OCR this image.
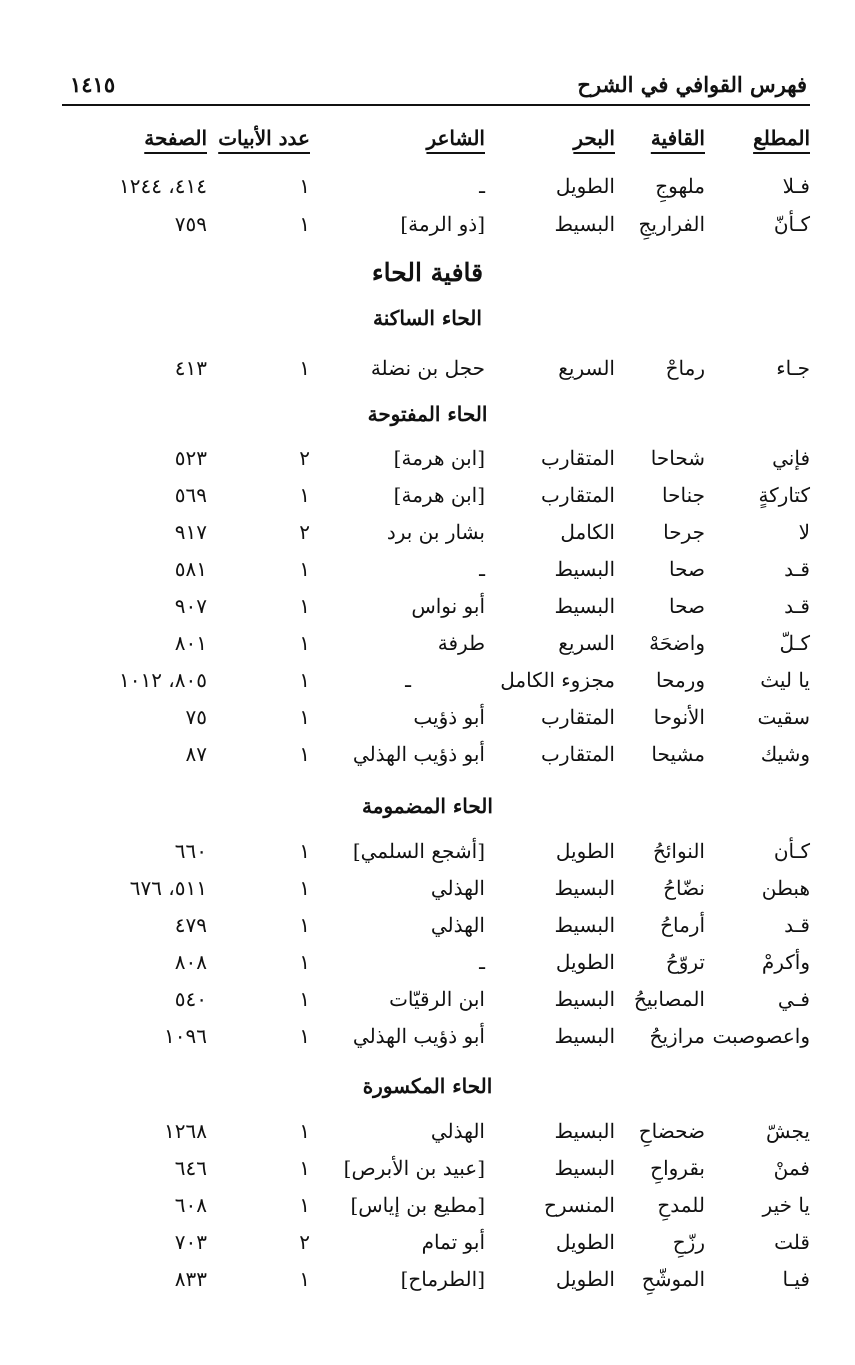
فهرس القوافي في الشرح
١٤١٥
المطلع
القافية
البحر
الشاعر
عدد الأبيات
الصفحة
فـلا
ملهوجِ
الطويل
ـ
١
٤١٤، ١٢٤٤
كـأنّ
الفراريجِ
البسيط
[ذو الرمة]
١
٧٥٩
قافية الحاء
الحاء الساكنة
جـاء
رماحْ
السريع
حجل بن نضلة
١
٤١٣
الحاء المفتوحة
فإني
شحاحا
المتقارب
[ابن هرمة]
٢
٥٢٣
كتاركةٍ
جناحا
المتقارب
[ابن هرمة]
١
٥٦٩
لا
جرحا
الكامل
بشار بن برد
٢
٩١٧
قـد
صحا
البسيط
ـ
١
٥٨١
قـد
صحا
البسيط
أبو نواس
١
٩٠٧
كـلّ
واضحَهْ
السريع
طرفة
١
٨٠١
يا ليث
ورمحا
مجزوء الكامل
ـ
١
٨٠٥، ١٠١٢
سقيت
الأنوحا
المتقارب
أبو ذؤيب
١
٧٥
وشيك
مشيحا
المتقارب
أبو ذؤيب الهذلي
١
٨٧
الحاء المضمومة
كـأن
النوائحُ
الطويل
[أشجع السلمي]
١
٦٦٠
هبطن
نضّاحُ
البسيط
الهذلي
١
٥١١، ٦٧٦
قـد
أرماحُ
البسيط
الهذلي
١
٤٧٩
وأكرمْ
تروّحُ
الطويل
ـ
١
٨٠٨
فـي
المصابيحُ
البسيط
ابن الرقيّات
١
٥٤٠
واعصوصبت
مرازيحُ
البسيط
أبو ذؤيب الهذلي
١
١٠٩٦
الحاء المكسورة
يجشّ
ضحضاحِ
البسيط
الهذلي
١
١٢٦٨
فمنْ
بقرواحِ
البسيط
[عبيد بن الأبرص]
١
٦٤٦
يا خير
للمدحِ
المنسرح
[مطيع بن إياس]
١
٦٠٨
قلت
رزّحِ
الطويل
أبو تمام
٢
٧٠٣
فيـا
الموشّحِ
الطويل
[الطرماح]
١
٨٣٣
